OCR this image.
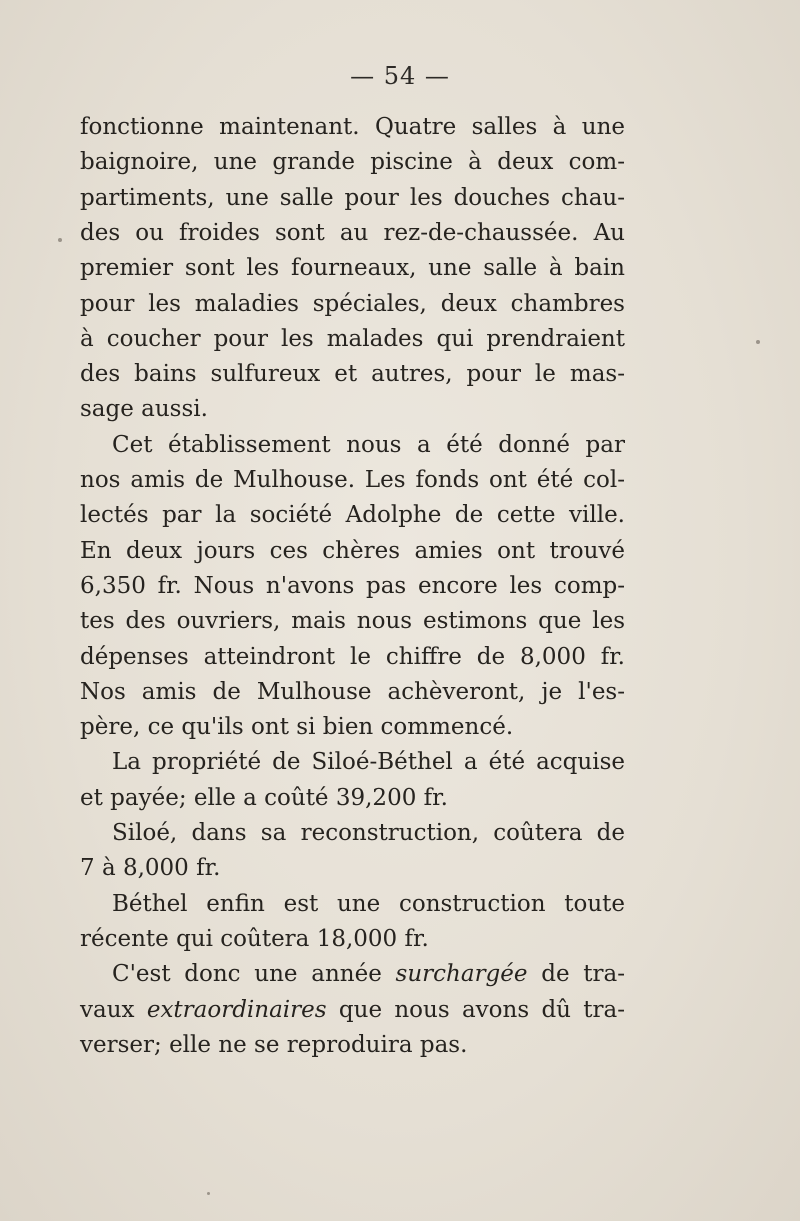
— 54 —
fonctionne maintenant. Quatre salles à une
baignoire, une grande piscine à deux com-
partiments, une salle pour les douches chau-
des ou froides sont au rez-de-chaussée. Au
premier sont les fourneaux, une salle à bain
pour les maladies spéciales, deux chambres
à coucher pour les malades qui prendraient
des bains sulfureux et autres, pour le mas-
sage aussi.
Cet établissement nous a été donné par
nos amis de Mulhouse. Les fonds ont été col-
lectés par la société Adolphe de cette ville.
En deux jours ces chères amies ont trouvé
6,350 fr. Nous n'avons pas encore les comp-
tes des ouvriers, mais nous estimons que les
dépenses atteindront le chiffre de 8,000 fr.
Nos amis de Mulhouse achèveront, je l'es-
père, ce qu'ils ont si bien commencé.
La propriété de Siloé-Béthel a été acquise
et payée; elle a coûté 39,200 fr.
Siloé, dans sa reconstruction, coûtera de
7 à 8,000 fr.
Béthel enfin est une construction toute
récente qui coûtera 18,000 fr.
C'est donc une année surchargée de tra-
vaux extraordinaires que nous avons dû tra-
verser; elle ne se reproduira pas.
